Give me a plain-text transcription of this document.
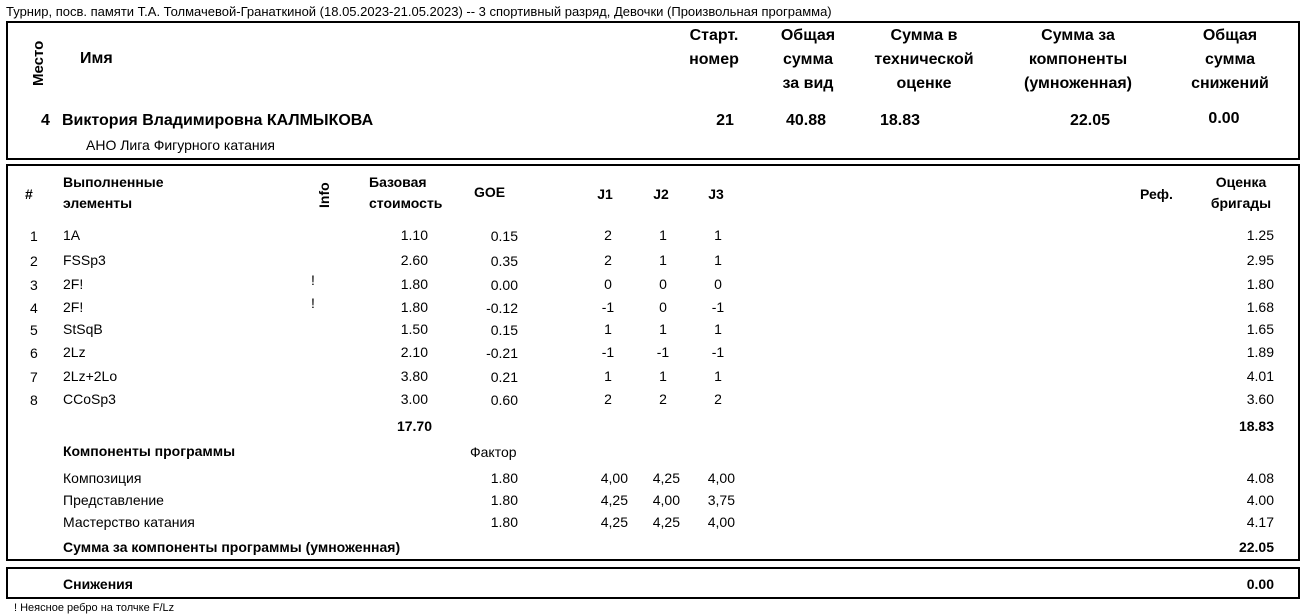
Турнир, посв. памяти Т.А. Толмачевой-Гранаткиной (18.05.2023-21.05.2023) -- 3 спортивный разряд, Девочки (Произвольная программа)
Место Имя
Старт.
номер
Общая
сумма
за вид
Сумма в
технической
оценке
Сумма за
компоненты
(умноженная)
Общая
сумма
снижений
4 Виктория Владимировна КАЛМЫКОВА
АНО Лига Фигурного катания
21	40.88	18.83	22.05	0.00
#
Выполненные
элементы	Info
Базовая
стоимость
GOE	J1	J2	J3	Реф.
Оценка
бригады
1	1A	1.10	0.15	2	1	1	1.25
2	FSSp3	2.60	0.35	2	1	1	2.95
3	2F!	!	1.80	0.00	0	0	0	1.80
4	2F!	!	1.80	-0.12	-1	0	-1	1.68
5	StSqB	1.50	0.15	1	1	1	1.65
6	2Lz	2.10	-0.21	-1	-1	-1	1.89
7	2Lz+2Lo	3.80	0.21	1	1	1	4.01
8	CCoSp3	3.00	0.60	2	2	2	3.60
17.70	18.83
Компоненты программы	Фактор
Композиция	1.80	4,00	4,25	4,00	4.08
Представление	1.80	4,25	4,00	3,75	4.00
Мастерство катания	1.80	4,25	4,25	4,00	4.17
Сумма за компоненты программы (умноженная)	22.05
Снижения	0.00
! Неясное ребро на толчке F/Lz
